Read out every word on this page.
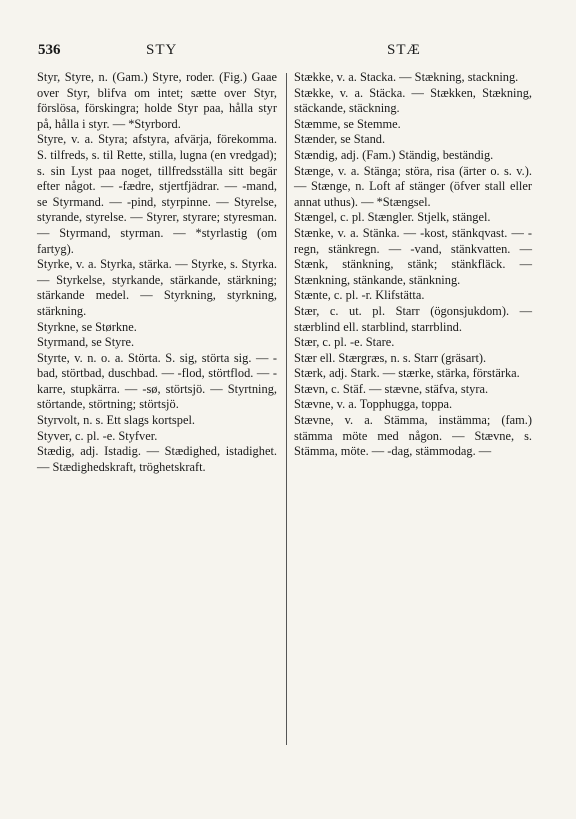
536	STY	STÆ

Styr, Styre, n. (Gam.) Styre, roder. (Fig.) Gaae over Styr, blifva om intet; sætte over Styr, förslösa, förskingra; holde Styr paa, hålla styr på, hålla i styr. — *Styrbord.

Styre, v. a. Styra; afstyra, afvärja, förekomma. S. tilfreds, s. til Rette, stilla, lugna (en vredgad); s. sin Lyst paa noget, tillfredsställa sitt begär efter något. — -fædre, stjertfjädrar. — -mand, se Styrmand. — -pind, styrpinne. — Styrelse, styrande, styrelse. — Styrer, styrare; styresman. — Styrmand, styrman. — *styrlastig (om fartyg).

Styrke, v. a. Styrka, stärka. — Styrke, s. Styrka. — Styrkelse, styrkande, stärkande, stärkning; stärkande medel. — Styrkning, styrkning, stärkning.

Styrkne, se Størkne.

Styrmand, se Styre.

Styrte, v. n. o. a. Störta. S. sig, störta sig. — -bad, störtbad, duschbad. — -flod, störtflod. — -karre, stupkärra. — -sø, störtsjö. — Styrtning, störtande, störtning; störtsjö.

Styrvolt, n. s. Ett slags kortspel.

Styver, c. pl. -e. Styfver.

Stædig, adj. Istadig. — Stædighed, istadighet. — Stædighedskraft, tröghetskraft.

Stække, v. a. Stacka. — Stækning, stackning.

Stække, v. a. Stäcka. — Stækken, Stækning, stäckande, stäckning.

Stæmme, se Stemme.

Stænder, se Stand.

Stændig, adj. (Fam.) Ständig, beständig.

Stænge, v. a. Stänga; störa, risa (ärter o. s. v.). — Stænge, n. Loft af stänger (öfver stall eller annat uthus). — *Stængsel.

Stængel, c. pl. Stængler. Stjelk, stängel.

Stænke, v. a. Stänka. — -kost, stänkqvast. — -regn, stänkregn. — -vand, stänkvatten. — Stænk, stänkning, stänk; stänkfläck. — Stænkning, stänkande, stänkning.

Stænte, c. pl. -r. Klifstätta.

Stær, c. ut. pl. Starr (ögonsjukdom). — stærblind ell. starblind, starrblind.

Stær, c. pl. -e. Stare.

Stær ell. Stærgræs, n. s. Starr (gräsart).

Stærk, adj. Stark. — stærke, stärka, förstärka.

Stævn, c. Stäf. — stævne, stäfva, styra.

Stævne, v. a. Topphugga, toppa.

Stævne, v. a. Stämma, instämma; (fam.) stämma möte med någon. — Stævne, s. Stämma, möte. — -dag, stämmodag. —
